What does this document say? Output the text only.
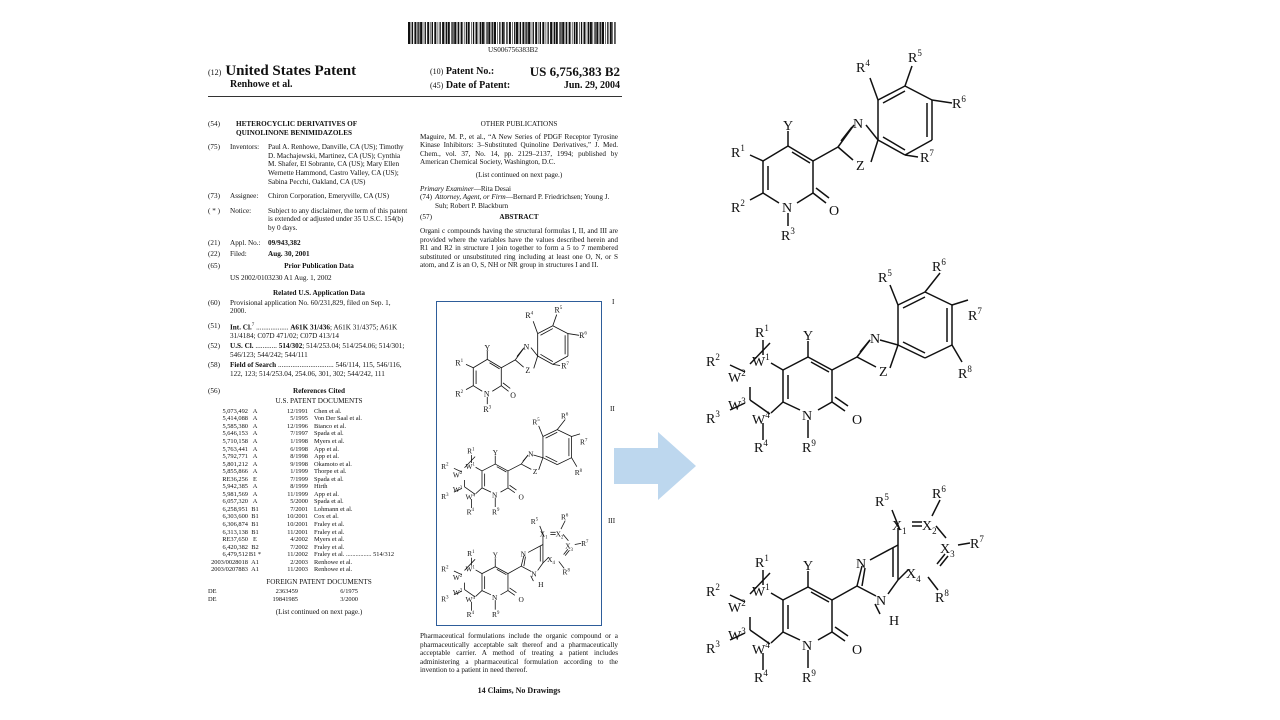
US006756383B2
(12) United States Patent
Renhowe et al.
(10) Patent No.:	US 6,756,383 B2
(45) Date of Patent:	Jun. 29, 2004
(54)	HETEROCYCLIC DERIVATIVES OF QUINOLINONE BENIMIDAZOLES
(75)	Inventors:	Paul A. Renhowe, Danville, CA (US); Timothy D. Machajewski, Martinez, CA (US); Cynthia M. Shafer, El Sobrante, CA (US); Mary Ellen Wernette Hammond, Castro Valley, CA (US); Sabina Pecchi, Oakland, CA (US)
(73)	Assignee:	Chiron Corporation, Emeryville, CA (US)
( * )	Notice:	Subject to any disclaimer, the term of this patent is extended or adjusted under 35 U.S.C. 154(b) by 0 days.
(21)	Appl. No.:	09/943,382
(22)	Filed:	Aug. 30, 2001
(65)	Prior Publication Data
US 2002/0103230 A1 Aug. 1, 2002
Related U.S. Application Data
(60)	Provisional application No. 60/231,829, filed on Sep. 1, 2000.
(51)	Int. Cl.$^7$ .................. A61K 31/436; A61K 31/4375; A61K 31/4184; C07D 471/02; C07D 413/14
(52)	U.S. Cl. ............ 514/302; 514/253.04; 514/254.06; 514/301; 546/123; 544/242; 544/111
(58)	Field of Search ............................... 546/114, 115, 546/116, 122, 123; 514/253.04, 254.06, 301, 302; 544/242, 111
(56)	References Cited
U.S. PATENT DOCUMENTS
5,073,492 A	12/1991 Chen et al.
5,414,088 A	5/1995 Von Der Saal et al.
5,585,380 A	12/1996 Bianco et al.
5,646,153 A	7/1997 Spada et al.
5,710,158 A	1/1998 Myers et al.
5,763,441 A	6/1998 App et al.
5,792,771 A	8/1998 App et al.
5,801,212 A	9/1998 Okamoto et al.
5,855,866 A	1/1999 Thorpe et al.
RE36,256 E	7/1999 Spada et al.
5,942,385 A	8/1999 Hirth
5,981,569 A	11/1999 App et al.
6,057,320 A	5/2000 Spada et al.
6,258,951 B1	7/2001 Lohmann et al.
6,303,600 B1	10/2001 Cox et al.
6,306,874 B1	10/2001 Fraley et al.
6,313,138 B1	11/2001 Fraley et al.
RE37,650 E	4/2002 Myers et al.
6,420,382 B2	7/2002 Fraley et al.
6,479,512 B1 *	11/2002 Fraley et al. ................ 514/312
2003/0028018 A1	2/2003 Renhowe et al.
2003/0207883 A1	11/2003 Renhowe et al.
FOREIGN PATENT DOCUMENTS
DE	2363459	6/1975
DE	19841985	3/2000
(List continued on next page.)
OTHER PUBLICATIONS
Maguire, M. P., et al., “A New Series of PDGF Receptor Tyrosine Kinase Inhibitors: 3–Substituted Quinoline Derivatives,” J. Med. Chem., vol. 37, No. 14, pp. 2129–2137, 1994; published by American Chemical Society, Washington, D.C.
(List continued on next page.)
Primary Examiner—Rita Desai
(74) Attorney, Agent, or Firm—Bernard P. Friedrichsen; Young J. Suh; Robert P. Blackburn
(57)	ABSTRACT
Organi c compounds having the structural formulas I, II, and III are provided where the variables have the values described herein and R1 and R2 in structure I join together to form a 5 to 7 membered substituted or unsubstituted ring including at least one O, N, or S atom, and Z is an O, S, NH or NR group in structures I and II.
I
II
III
Pharmaceutical formulations include the organic compound or a pharmaceutically acceptable salt thereof and a pharmaceutically acceptable carrier. A method of treating a patient includes administering a pharmaceutical formulation according to the invention to a patient in need thereof.
14 Claims, No Drawings
Y
$R^1$
$R^2$ N
$R^3$
O
N
Z
$R^4$ $R^5$
$R^6$
$R^7$
Y
$R^1$
$W^1$
$R^2$
$W^2$
$W^3$
$R^3$ $W^4$
$R^4$
N
$R^9$
O
N
Z
$R^5$
$R^6$
$R^7$
$R^8$
Y
$R^1$
$W^1$
$R^2$
$W^2$
$W^3$
$R^3$ $W^4$
$R^4$
N
$R^9$
O
N
N
H
$X_1$ $X_2$
$X_3$
$X_4$
$R^5$ $R^6$
$R^7$
$R^8$
Y
$R^1$
$R^2$	N
$R^3$
O
N
Z
$R^4$	$R^5$
$R^6$
$R^7$
Y
$R^1$
$W^1$
$R^2$
$W^2$
$W^3$
$R^3$ $W^4$
$R^4$
N
$R^9$
O
N
Z
$R^5$	$R^6$
$R^7$
$R^8$
Y
$R^1$
$W^1$
$R^2$
$W^2$
$W^3$
$R^3$ $W^4$
$R^4$
N
$R^9$
O
N
N
H
$X_1$ $X_2$
$X_3$
$X_4$
$R^5$	$R^6$
$R^7$
$R^8$
